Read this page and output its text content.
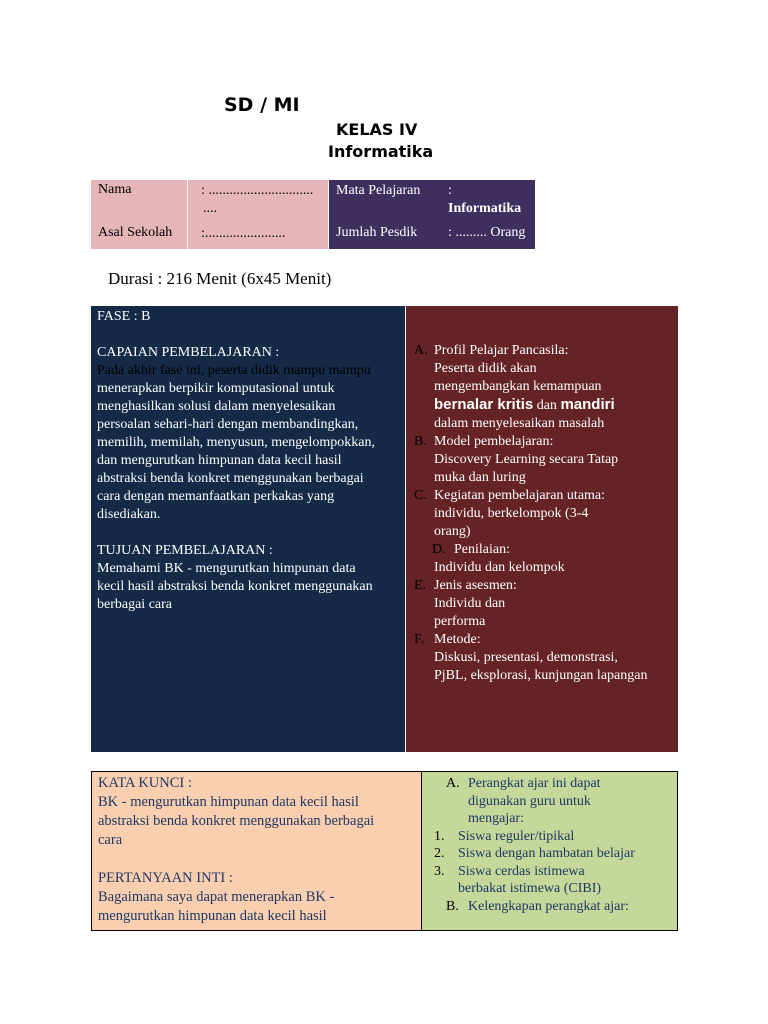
SD / MI
KELAS IV
Informatika
Nama	: ..............................
....
Asal Sekolah :.......................
Mata Pelajaran :
Informatika
Jumlah Pesdik : ......... Orang
Durasi : 216 Menit (6x45 Menit)

FASE : B

CAPAIAN PEMBELAJARAN :

Pada akhir fase ini, peserta didik mampu mampu

menerapkan berpikir komputasional untuk

menghasilkan solusi dalam menyelesaikan

persoalan sehari-hari dengan membandingkan,

memilih, memilah, menyusun, mengelompokkan,

dan mengurutkan himpunan data kecil hasil

abstraksi benda konkret menggunakan berbagai

cara dengan memanfaatkan perkakas yang

disediakan.

TUJUAN PEMBELAJARAN :

Memahami BK - mengurutkan himpunan data

kecil hasil abstraksi benda konkret menggunakan

berbagai cara

A. Profil Pelajar Pancasila:

Peserta didik akan

mengembangkan kemampuan

bernalar kritis dan mandiri

dalam menyelesaikan masalah

B. Model pembelajaran:

Discovery Learning secara Tatap

muka dan luring

C. Kegiatan pembelajaran utama:

individu, berkelompok (3-4

orang)

D. Penilaian:

Individu dan kelompok

E. Jenis asesmen:

Individu dan

performa

F. Metode:

Diskusi, presentasi, demonstrasi,

PjBL, eksplorasi, kunjungan lapangan

KATA KUNCI :

BK - mengurutkan himpunan data kecil hasil

abstraksi benda konkret menggunakan berbagai

cara

PERTANYAAN INTI :

Bagaimana saya dapat menerapkan BK -

mengurutkan himpunan data kecil hasil

A. Perangkat ajar ini dapat

digunakan guru untuk

mengajar:

1. Siswa reguler/tipikal

2. Siswa dengan hambatan belajar

3. Siswa cerdas istimewa

berbakat istimewa (CIBI)

B. Kelengkapan perangkat ajar:
